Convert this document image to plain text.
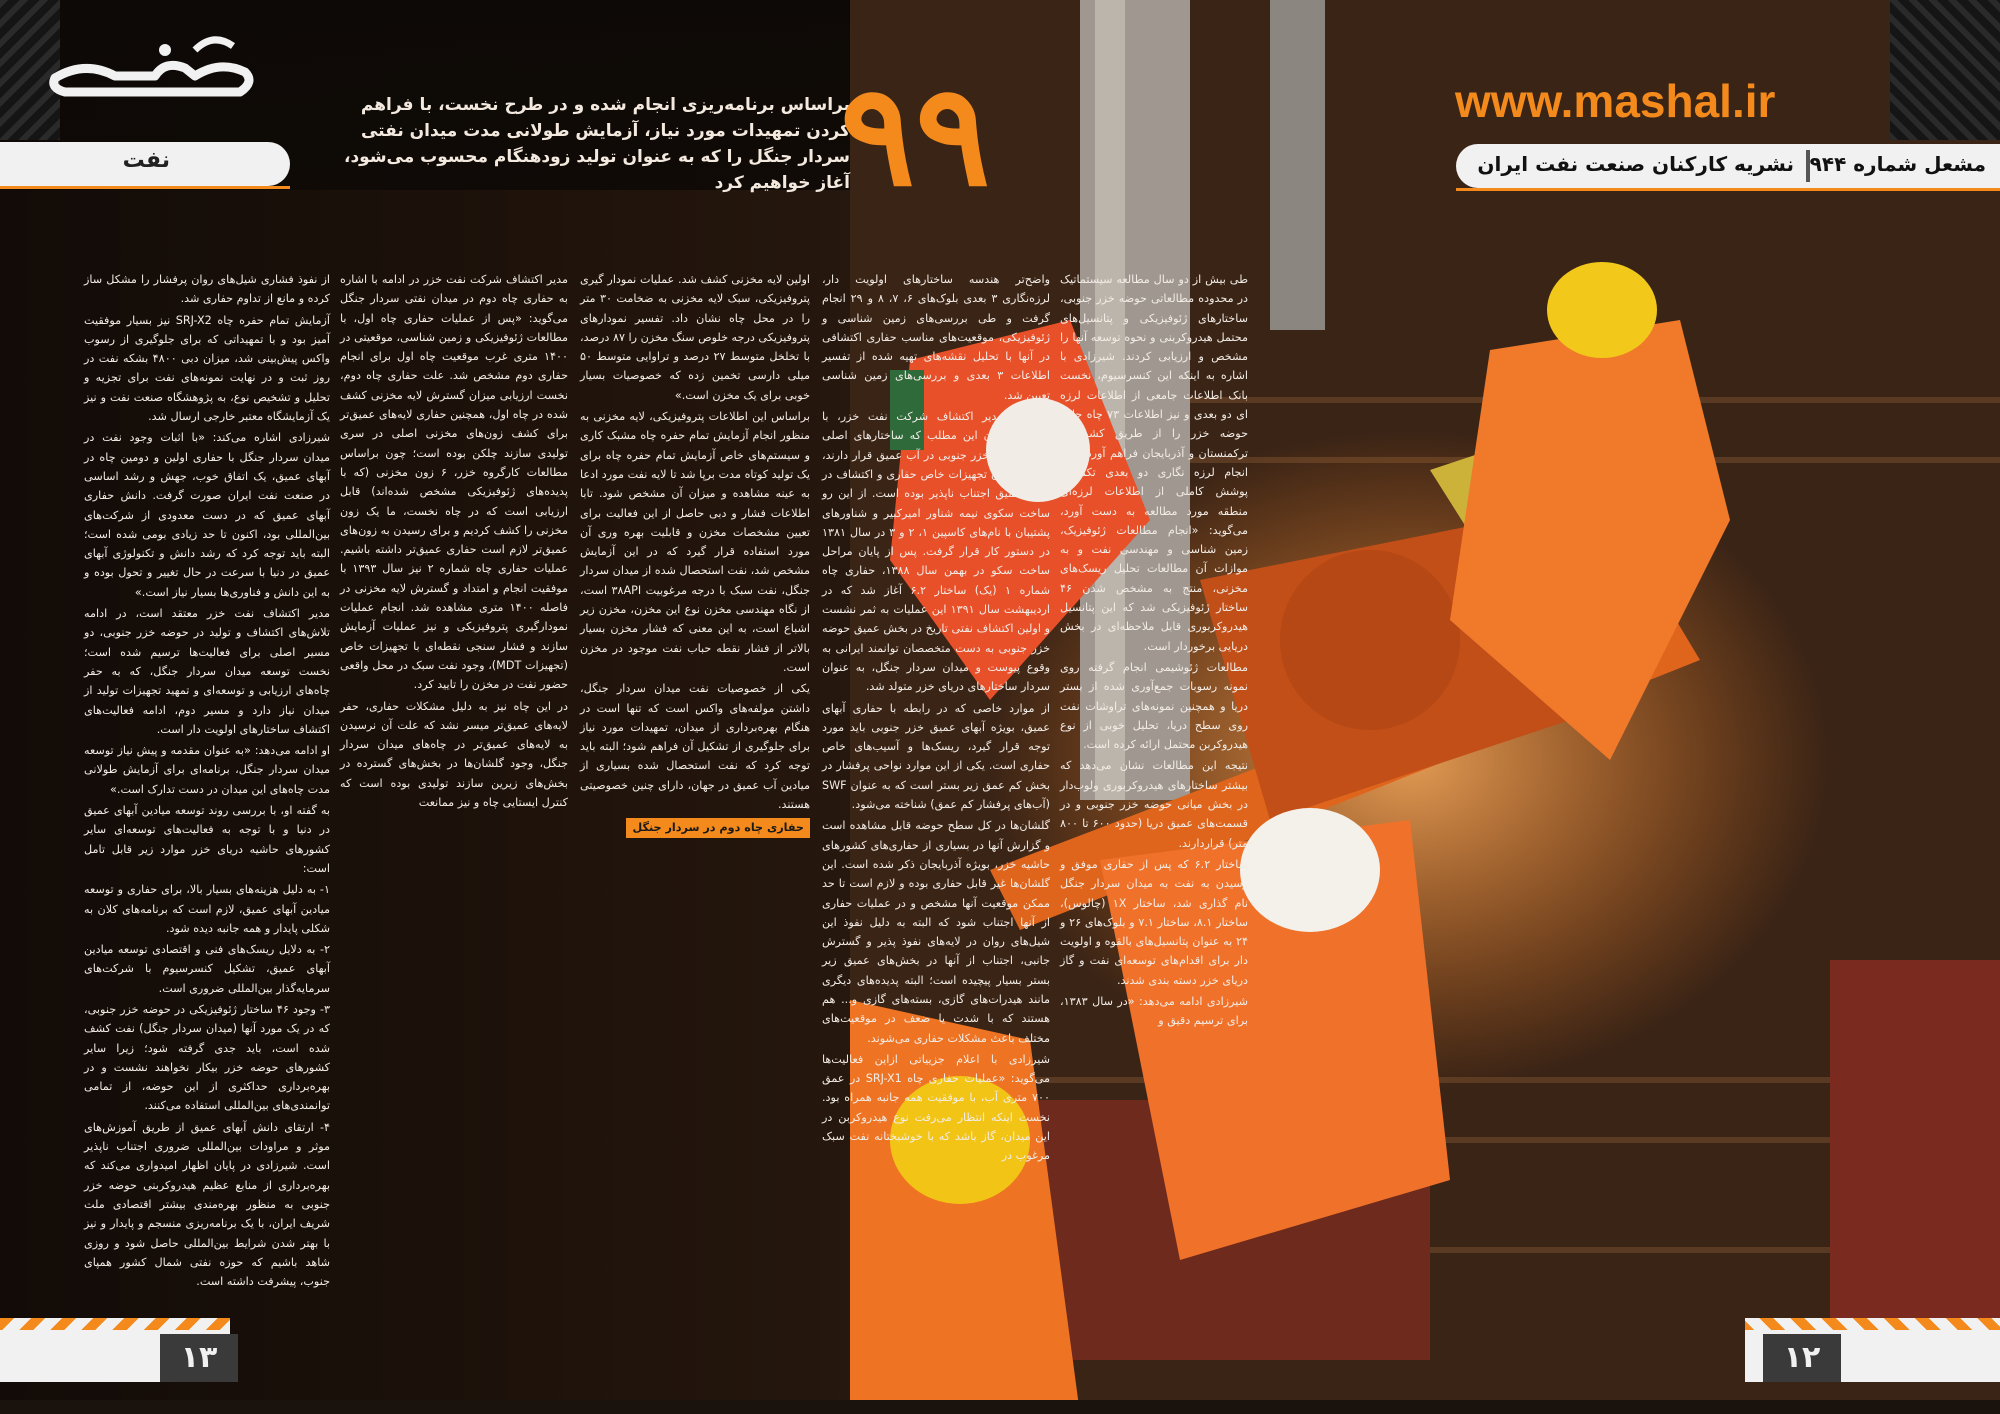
نفت
براساس برنامه‌ریزی انجام شده و در طرح نخست، با فراهم کردن تمهیدات مورد نیاز، آزمایش طولانی مدت میدان نفتی سردار جنگل را که به عنوان تولید زودهنگام محسوب می‌شود، آغاز خواهیم کرد
۹۹	www.mashal.ir
نشریه کارکنان صنعت نفت ایران مشعل شماره ۹۴۴

طی بیش از دو سال مطالعه سیستماتیک در محدوده مطالعاتی حوضه خزر جنوبی، ساختارهای ژئوفیزیکی و پتانسیل‌های محتمل هیدروکربنی و نحوه توسعه آنها را مشخص و ارزیابی کردند. شیرزادی با اشاره به اینکه این کنسرسیوم، نخست بانک اطلاعات جامعی از اطلاعات لرزه ای دو بعدی و نیز اطلاعات ۷۳ چاه حلقه حوضه خزر را از طریق کشورهای ترکمنستان و آذربایجان فراهم آورده و با انجام لرزه نگاری دو بعدی تکمیلی، پوشش کاملی از اطلاعات لرزه‌ای منطقه مورد مطالعه به دست آورد، می‌گوید: «انجام مطالعات ژئوفیزیک، زمین شناسی و مهندسی نفت و به موازات آن مطالعات تحلیل ریسک‌های مخزنی، منتج به مشخص شدن ۴۶ ساختار ژئوفیزیکی شد که این پتانسیل هیدروکربوری قابل ملاحظه‌ای در بخش دریایی برخوردار است.

مطالعات ژئوشیمی انجام گرفته روی نمونه رسوبات جمع‌آوری شده از بستر دریا و همچنین نمونه‌های تراوشات نفت روی سطح دریا، تحلیل خوبی از نوع هیدروکربن محتمل ارائه کرده است.

نتیجه این مطالعات نشان می‌دهد که بیشتر ساختارهای هیدروکربوری ولوب‌دار در بخش میانی حوضه خزر جنوبی و در قسمت‌های عمیق دریا (حدود ۶۰۰ تا ۸۰۰ متر) قراردارند.

ساختار ۶.۲ که پس از حفاری موفق و رسیدن به نفت به میدان سردار جنگل نام گذاری شد، ساختار ۱X (چالوس)، ساختار ۸.۱، ساختار ۷.۱ و بلوک‌های ۲۶ و ۲۴ به عنوان پتانسیل‌های بالقوه و اولویت دار برای اقدام‌های توسعه‌ای نفت و گاز دریای خزر دسته بندی شدند.

شیرزادی ادامه می‌دهد: «در سال ۱۳۸۳، برای ترسیم دقیق و

واضح‌تر هندسه ساختارهای اولویت دار، لرزه‌نگاری ۳ بعدی بلوک‌های ۶، ۷، ۸ و ۲۹ انجام گرفت و طی بررسی‌های زمین شناسی و ژئوفیزیکی، موقعیت‌های مناسب حفاری اکتشافی در آنها با تحلیل نقشه‌های تهیه شده از تفسیر اطلاعات ۳ بعدی و بررسی‌های زمین شناسی تعیین شد.

به گفته مدیر اکتشاف شرکت نفت خزر، با مشخص شدن این مطلب که ساختارهای اصلی بخش ایرانی خزر جنوبی در آب عمیق قرار دارند، فراهم آوردن تجهیزات خاص حفاری و اکتشاف در آبهای عمیق اجتناب ناپذیر بوده است. از این رو ساخت سکوی نیمه شناور امیرکبیر و شناورهای پشتیبان با نام‌های کاسپین ۱، ۲ و ۳ در سال ۱۳۸۱ در دستور کار قرار گرفت. پس از پایان مراحل ساخت سکو در بهمن سال ۱۳۸۸، حفاری چاه شماره ۱ (یک) ساختار ۶.۲ آغاز شد که در اردیبهشت سال ۱۳۹۱ این عملیات به ثمر نشست و اولین اکتشاف نفتی تاریخ در بخش عمیق حوضه خزر جنوبی به دست متخصصان توانمند ایرانی به وقوع پیوست و میدان سردار جنگل، به عنوان سردار ساختارهای دریای خزر متولد شد.

از موارد خاصی که در رابطه با حفاری آبهای عمیق، بویژه آبهای عمیق خزر جنوبی باید مورد توجه قرار گیرد، ریسک‌ها و آسیب‌های خاص حفاری است. یکی از این موارد نواحی پرفشار در بخش کم عمق زیر بستر است که به عنوان SWF (آب‌های پرفشار کم عمق) شناخته می‌شود.

گلشان‌ها در کل سطح حوضه قابل مشاهده است و گزارش آنها در بسیاری از حفاری‌های کشورهای حاشیه خزر، بویژه آذربایجان ذکر شده است. این گلشان‌ها غیر قابل حفاری بوده و لازم است تا حد ممکن موقعیت آنها مشخص و در عملیات حفاری از آنها اجتناب شود که البته به دلیل نفوذ این شیل‌های روان در لایه‌های نفوذ پذیر و گسترش جانبی، اجتناب از آنها در بخش‌های عمیق زیر بستر بسیار پیچیده است؛ البته پدیده‌های دیگری مانند هیدرات‌های گازی، بسته‌های گازی و... هم هستند که با شدت یا ضعف در موقعیت‌های مختلف باعث مشکلات حفاری می‌شوند.

شیرزادی با اعلام جزییاتی ازاین فعالیت‌ها می‌گوید: «عملیات حفاری چاه SRJ-X1 در عمق ۷۰۰ متری آب، با موفقیت همه جانبه همراه بود. نخست اینکه انتظار می‌رفت نوع هیدروکربن در این میدان، گاز باشد که با خوشبختانه نفت سبک مرغوب در

اولین لایه مخزنی کشف شد. عملیات نمودار گیری پتروفیزیکی، سبک لایه مخزنی به ضخامت ۳۰ متر را در محل چاه نشان داد. تفسیر نمودارهای پتروفیزیکی درجه خلوص سنگ مخزن را ۸۷ درصد، با تخلخل متوسط ۲۷ درصد و تراوایی متوسط ۵۰ میلی دارسی تخمین زده که خصوصیات بسیار خوبی برای یک مخزن است.»

براساس این اطلاعات پتروفیزیکی، لایه مخزنی به منظور انجام آزمایش تمام حفره چاه مشبک کاری و سیستم‌های خاص آزمایش تمام حفره چاه برای یک تولید کوتاه مدت برپا شد تا لایه نفت مورد ادعا به عینه مشاهده و میزان آن مشخص شود. تابا اطلاعات فشار و دبی حاصل از این فعالیت برای تعیین مشخصات مخزن و قابلیت بهره وری آن مورد استفاده قرار گیرد که در این آزمایش مشخص شد، نفت استحصال شده از میدان سردار جنگل، نفت سبک با درجه مرغوبیت ۳۸API است، از نگاه مهندسی مخزن نوع این مخزن، مخزن زیر اشباع است، به این معنی که فشار مخزن بسیار بالاتر از فشار نقطه حباب نفت موجود در مخزن است.

یکی از خصوصیات نفت میدان سردار جنگل، داشتن مولفه‌های واکس است که تنها است در هنگام بهره‌برداری از میدان، تمهیدات مورد نیاز برای جلوگیری از تشکیل آن فراهم شود؛ البته باید توجه کرد که نفت استحصال شده بسیاری از میادین آب عمیق در جهان، دارای چنین خصوصیتی هستند.

حفاری چاه دوم در سردار جنگل

مدیر اکتشاف شرکت نفت خزر در ادامه با اشاره به حفاری چاه دوم در میدان نفتی سردار جنگل می‌گوید: «پس از عملیات حفاری چاه اول، با مطالعات ژئوفیزیکی و زمین شناسی، موقعیتی در ۱۴۰۰ متری غرب موقعیت چاه اول برای انجام حفاری دوم مشخص شد. علت حفاری چاه دوم، نخست ارزیابی میزان گسترش لایه مخزنی کشف شده در چاه اول، همچنین حفاری لایه‌های عمیق‌تر برای کشف زون‌های مخزنی اصلی در سری تولیدی سازند چلکن بوده است؛ چون براساس مطالعات کارگروه خزر، ۶ زون مخزنی (که با پدیده‌های ژئوفیزیکی مشخص شده‌اند) قابل ارزیابی است که در چاه نخست، ما یک زون مخزنی را کشف کردیم و برای رسیدن به زون‌های عمیق‌تر لازم است حفاری عمیق‌تر داشته باشیم. عملیات حفاری چاه شماره ۲ نیز سال ۱۳۹۳ با موفقیت انجام و امتداد و گسترش لایه مخزنی در فاصله ۱۴۰۰ متری مشاهده شد. انجام عملیات نمودارگیری پتروفیزیکی و نیز عملیات آزمایش سازند و فشار سنجی نقطه‌ای با تجهیزات خاص (تجهیزات MDT)، وجود نفت سبک در محل واقعی حضور نفت در مخزن را تایید کرد.

در این چاه نیز به دلیل مشکلات حفاری، حفر لایه‌های عمیق‌تر میسر نشد که علت آن نرسیدن به لایه‌های عمیق‌تر در چاه‌های میدان سردار جنگل، وجود گلشان‌ها در بخش‌های گسترده در بخش‌های زیرین سازند تولیدی بوده است که کنترل ایستایی چاه و نیز ممانعت

از نفوذ فشاری شیل‌های روان پرفشار را مشکل ساز کرده و مانع از تداوم حفاری شد.

آزمایش تمام حفره چاه SRJ-X2 نیز بسیار موفقیت آمیز بود و با تمهیداتی که برای جلوگیری از رسوب واکس پیش‌بینی شد، میزان دبی ۴۸۰۰ بشکه نفت در روز ثبت و در نهایت نمونه‌های نفت برای تجزیه و تحلیل و تشخیص نوع، به پژوهشگاه صنعت نفت و نیز یک آزمایشگاه معتبر خارجی ارسال شد.

شیرزادی اشاره می‌کند: «با اثبات وجود نفت در میدان سردار جنگل با حفاری اولین و دومین چاه در آبهای عمیق، یک اتفاق خوب، جهش و رشد اساسی در صنعت نفت ایران صورت گرفت. دانش حفاری آبهای عمیق که در دست معدودی از شرکت‌های بین‌المللی بود، اکنون تا حد زیادی بومی شده است؛ البته باید توجه کرد که رشد دانش و تکنولوژی آبهای عمیق در دنیا با سرعت در حال تغییر و تحول بوده و به این دانش و فناوری‌ها بسیار نیاز است.»

مدیر اکتشاف نفت خزر معتقد است، در ادامه تلاش‌های اکتشاف و تولید در حوضه خزر جنوبی، دو مسیر اصلی برای فعالیت‌ها ترسیم شده است؛ نخست توسعه میدان سردار جنگل، که به حفر چاه‌های ارزیابی و توسعه‌ای و تمهید تجهیزات تولید از میدان نیاز دارد و مسیر دوم، ادامه فعالیت‌های اکتشاف ساختارهای اولویت دار است.

او ادامه می‌دهد: «به عنوان مقدمه و پیش نیاز توسعه میدان سردار جنگل، برنامه‌ای برای آزمایش طولانی مدت چاه‌های این میدان در دست تدارک است.»

به گفته او، با بررسی روند توسعه میادین آبهای عمیق در دنیا و با توجه به فعالیت‌های توسعه‌ای سایر کشورهای حاشیه دریای خزر موارد زیر قابل تامل است:

۱- به دلیل هزینه‌های بسیار بالا، برای حفاری و توسعه میادین آبهای عمیق، لازم است که برنامه‌های کلان به شکلی پایدار و همه جانبه دیده شود.

۲- به دلایل ریسک‌های فنی و اقتصادی توسعه میادین آبهای عمیق، تشکیل کنسرسیوم با شرکت‌های سرمایه‌گذار بین‌المللی ضروری است.

۳- وجود ۴۶ ساختار ژئوفیزیکی در حوضه خزر جنوبی، که در یک مورد آنها (میدان سردار جنگل) نفت کشف شده است، باید جدی گرفته شود؛ زیرا سایر کشورهای حوضه خزر بیکار نخواهند نشست و در بهره‌برداری حداکثری از این حوضه، از تمامی توانمندی‌های بین‌المللی استفاده می‌کنند.

۴- ارتقای دانش آبهای عمیق از طریق آموزش‌های موثر و مراودات بین‌المللی ضروری اجتناب ناپذیر است. شیرزادی در پایان اظهار امیدواری می‌کند که بهره‌برداری از منابع عظیم هیدروکربنی حوضه خزر جنوبی به منظور بهره‌مندی بیشتر اقتصادی ملت شریف ایران، با یک برنامه‌ریزی منسجم و پایدار و نیز با بهتر شدن شرایط بین‌المللی حاصل شود و روزی شاهد باشیم که حوزه نفتی شمال کشور همپای جنوب، پیشرفت داشته است.

۱۳	۱۲
